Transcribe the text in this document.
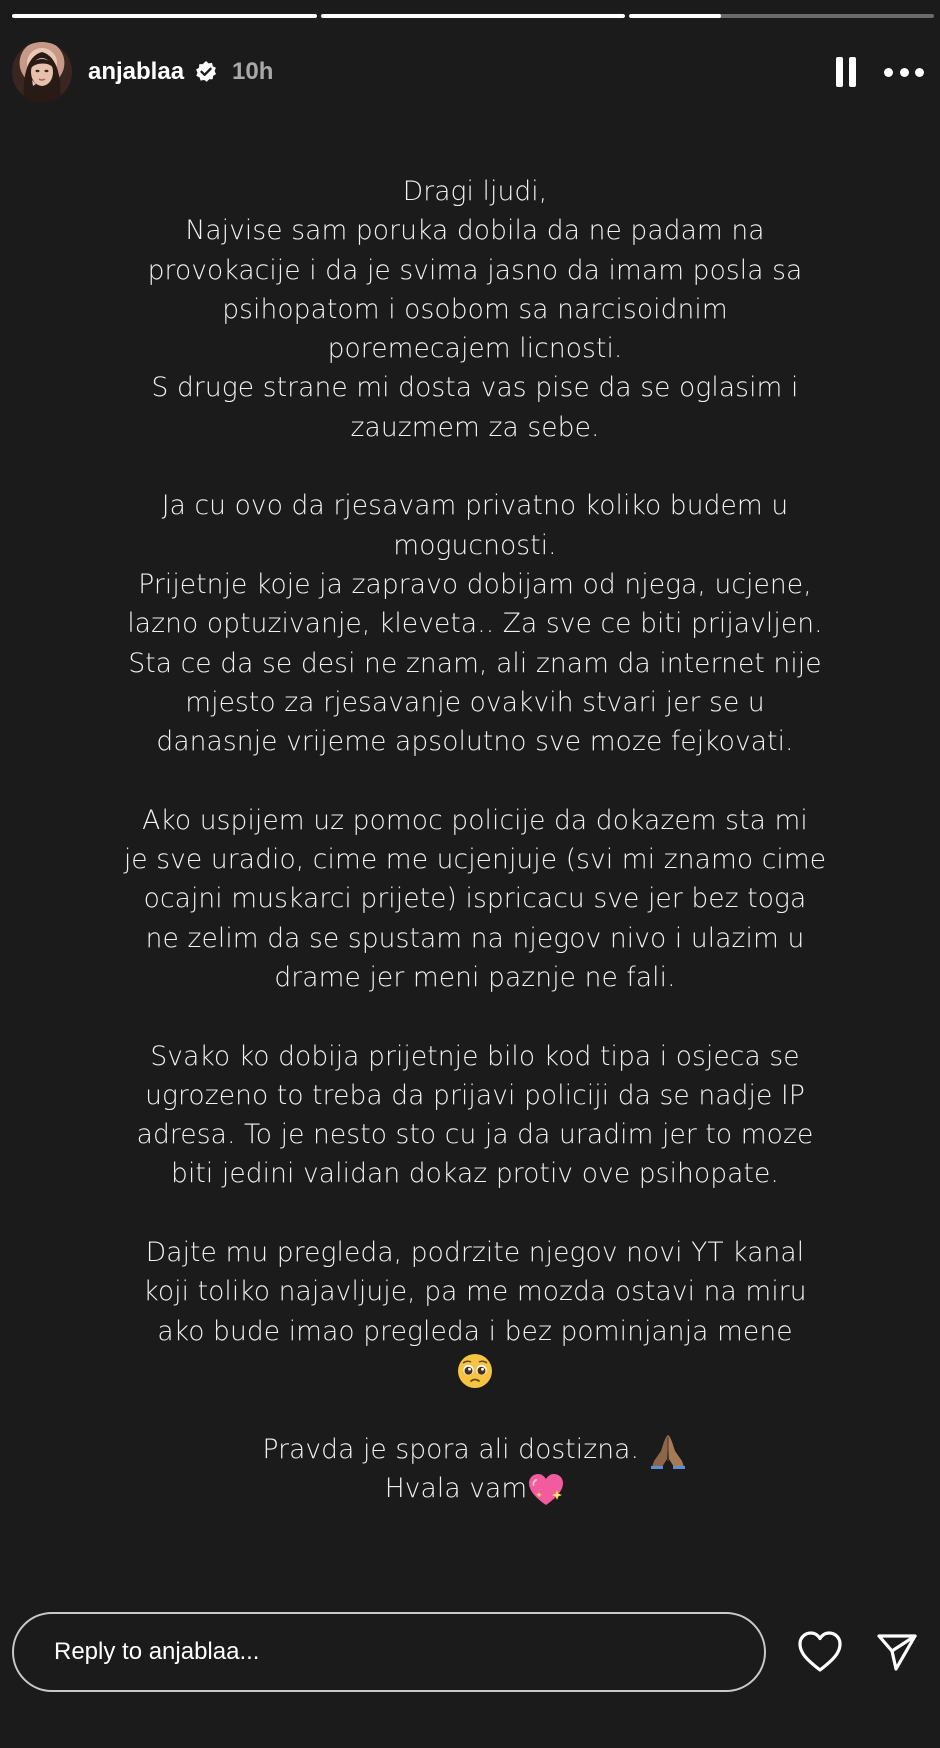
anjablaa 10h
Dragi ljudi,
Najvise sam poruka dobila da ne padam na
provokacije i da je svima jasno da imam posla sa
psihopatom i osobom sa narcisoidnim
poremecajem licnosti.
S druge strane mi dosta vas pise da se oglasim i
zauzmem za sebe.
Ja cu ovo da rjesavam privatno koliko budem u
mogucnosti.
Prijetnje koje ja zapravo dobijam od njega, ucjene,
lazno optuzivanje, kleveta.. Za sve ce biti prijavljen.
Sta ce da se desi ne znam, ali znam da internet nije
mjesto za rjesavanje ovakvih stvari jer se u
danasnje vrijeme apsolutno sve moze fejkovati.
Ako uspijem uz pomoc policije da dokazem sta mi
je sve uradio, cime me ucjenjuje (svi mi znamo cime
ocajni muskarci prijete) ispricacu sve jer bez toga
ne zelim da se spustam na njegov nivo i ulazim u
drame jer meni paznje ne fali.
Svako ko dobija prijetnje bilo kod tipa i osjeca se
ugrozeno to treba da prijavi policiji da se nadje IP
adresa. To je nesto sto cu ja da uradim jer to moze
biti jedini validan dokaz protiv ove psihopate.
Dajte mu pregleda, podrzite njegov novi YT kanal
koji toliko najavljuje, pa me mozda ostavi na miru
ako bude imao pregleda i bez pominjanja mene
Pravda je spora ali dostizna.
Hvala vam
Reply to anjablaa...
